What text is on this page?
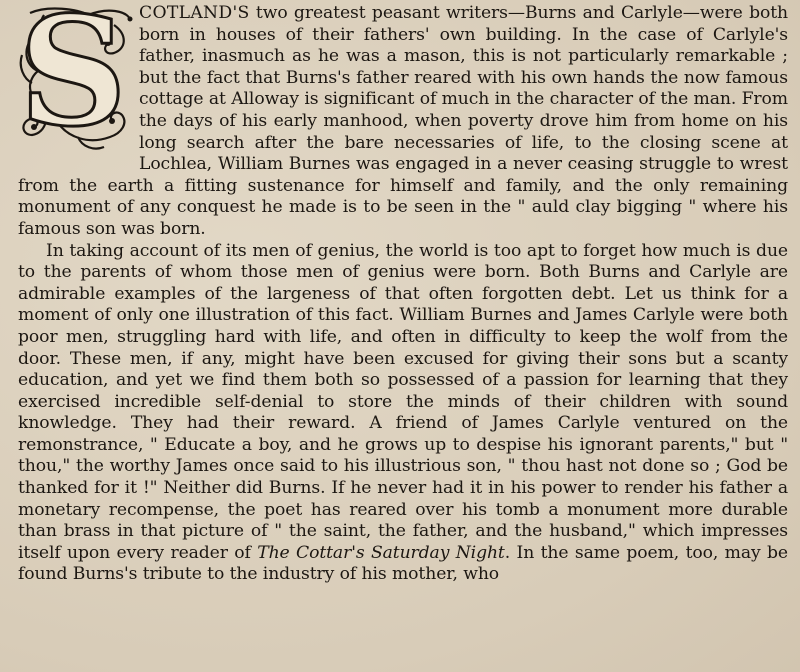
S COTLAND'S two greatest peasant writers—Burns and Carlyle—were both born in houses of their fathers' own building. In the case of Carlyle's father, inasmuch as he was a mason, this is not particularly remarkable ; but the fact that Burns's father reared with his own hands the now famous cottage at Alloway is significant of much in the character of the man. From the days of his early manhood, when poverty drove him from home on his long search after the bare necessaries of life, to the closing scene at Lochlea, William Burnes was engaged in a never ceasing struggle to wrest from the earth a fitting sustenance for himself and family, and the only remaining monument of any conquest he made is to be seen in the " auld clay bigging " where his famous son was born.

In taking account of its men of genius, the world is too apt to forget how much is due to the parents of whom those men of genius were born. Both Burns and Carlyle are admirable examples of the largeness of that often forgotten debt. Let us think for a moment of only one illustration of this fact. William Burnes and James Carlyle were both poor men, struggling hard with life, and often in difficulty to keep the wolf from the door. These men, if any, might have been excused for giving their sons but a scanty education, and yet we find them both so possessed of a passion for learning that they exercised incredible self-denial to store the minds of their children with sound knowledge. They had their reward. A friend of James Carlyle ventured on the remonstrance, " Educate a boy, and he grows up to despise his ignorant parents," but " thou," the worthy James once said to his illustrious son, " thou hast not done so ; God be thanked for it !" Neither did Burns. If he never had it in his power to render his father a monetary recompense, the poet has reared over his tomb a monument more durable than brass in that picture of " the saint, the father, and the husband," which impresses itself upon every reader of The Cottar's Saturday Night. In the same poem, too, may be found Burns's tribute to the industry of his mother, who
